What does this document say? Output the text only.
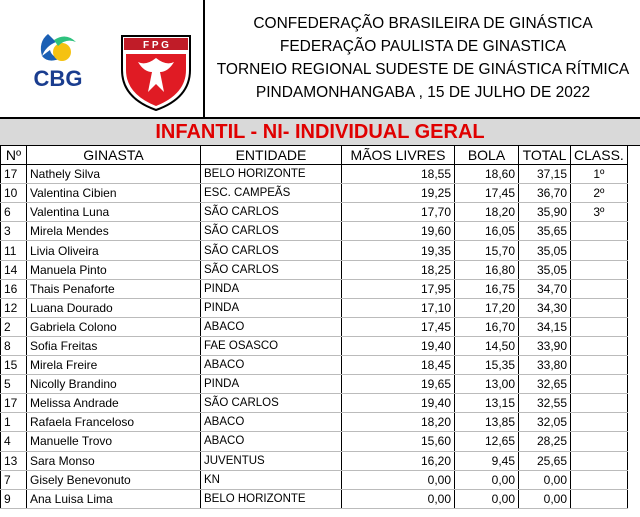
CBG
F P G
CONFEDERAÇÃO BRASILEIRA DE GINÁSTICA
FEDERAÇÃO PAULISTA DE GINASTICA
TORNEIO REGIONAL SUDESTE DE GINÁSTICA RÍTMICA
PINDAMONHANGABA , 15 DE JULHO DE 2022
INFANTIL - NI- INDIVIDUAL GERAL
Nº	GINASTA	ENTIDADE	MÃOS LIVRES	BOLA	TOTAL	CLASS.
17	Nathely Silva	BELO HORIZONTE	18,55	18,60	37,15	1º
10	Valentina Cibien	ESC. CAMPEÃS	19,25	17,45	36,70	2º
6	Valentina Luna	SÃO CARLOS	17,70	18,20	35,90	3º
3	Mirela Mendes	SÃO CARLOS	19,60	16,05	35,65	
11	Livia Oliveira	SÃO CARLOS	19,35	15,70	35,05	
14	Manuela Pinto	SÃO CARLOS	18,25	16,80	35,05	
16	Thais Penaforte	PINDA	17,95	16,75	34,70	
12	Luana Dourado	PINDA	17,10	17,20	34,30	
2	Gabriela Colono	ABACO	17,45	16,70	34,15	
8	Sofia Freitas	FAE OSASCO	19,40	14,50	33,90	
15	Mirela Freire	ABACO	18,45	15,35	33,80	
5	Nicolly Brandino	PINDA	19,65	13,00	32,65	
17	Melissa Andrade	SÃO CARLOS	19,40	13,15	32,55	
1	Rafaela Franceloso	ABACO	18,20	13,85	32,05	
4	Manuelle Trovo	ABACO	15,60	12,65	28,25	
13	Sara Monso	JUVENTUS	16,20	9,45	25,65	
7	Gisely Benevonuto	KN	0,00	0,00	0,00	
9	Ana Luisa Lima	BELO HORIZONTE	0,00	0,00	0,00	
